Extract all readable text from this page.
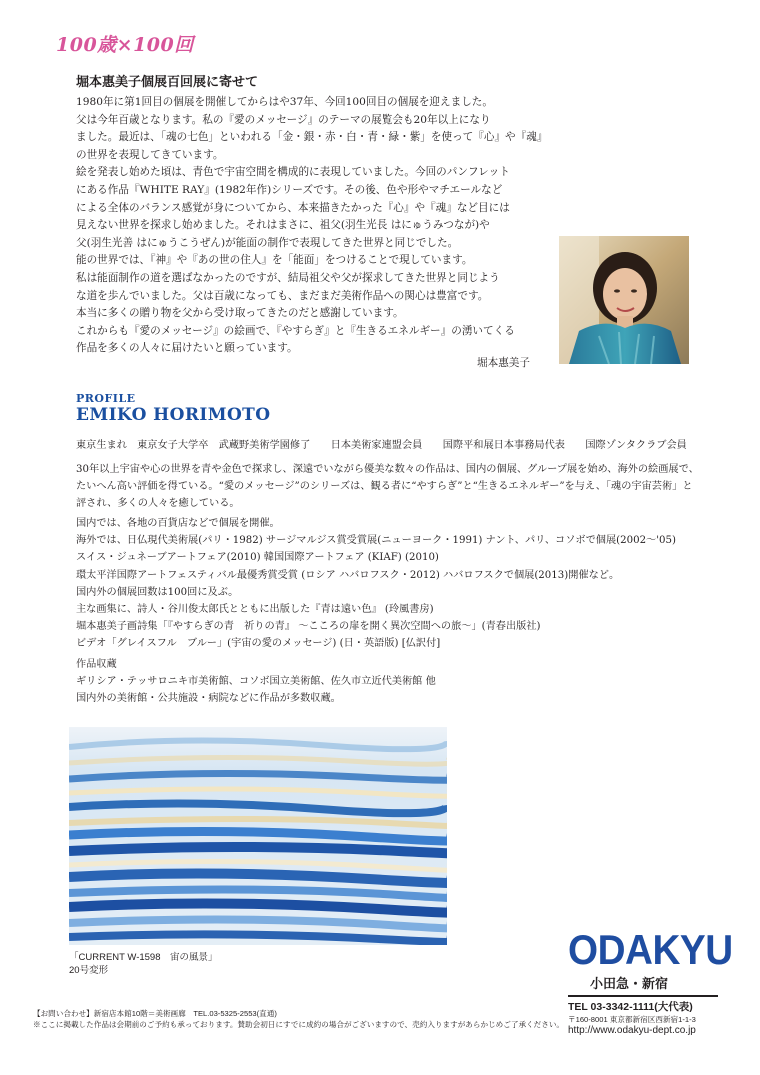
100歳×100回
堀本惠美子個展百回展に寄せて
1980年に第1回目の個展を開催してからはや37年、今回100回目の個展を迎えました。
父は今年百歳となります。私の『愛のメッセージ』のテーマの展覧会も20年以上になり
ました。最近は、「魂の七色」といわれる「金・銀・赤・白・青・緑・紫」を使って『心』や『魂』
の世界を表現してきています。
絵を発表し始めた頃は、青色で宇宙空間を構成的に表現していました。今回のパンフレット
にある作品『WHITE RAY』(1982年作)シリーズです。その後、色や形やマチエールなど
による全体のバランス感覚が身についてから、本来描きたかった『心』や『魂』など目には
見えない世界を探求し始めました。それはまさに、祖父(羽生光長 はにゅうみつなが)や
父(羽生光善 はにゅうこうぜん)が能面の制作で表現してきた世界と同じでした。
能の世界では、『神』や『あの世の住人』を「能面」をつけることで現しています。
私は能面制作の道を選ばなかったのですが、結局祖父や父が探求してきた世界と同じよう
な道を歩んでいました。父は百歳になっても、まだまだ美術作品への関心は豊富です。
本当に多くの贈り物を父から受け取ってきたのだと感謝しています。
これからも『愛のメッセージ』の絵画で、『やすらぎ』と『生きるエネルギー』の湧いてくる
作品を多くの人々に届けたいと願っています。
堀本惠美子
PROFILE
EMIKO HORIMOTO
東京生まれ　東京女子大学卒　武蔵野美術学園修了　　日本美術家連盟会員　　国際平和展日本事務局代表　　国際ゾンタクラブ会員
30年以上宇宙や心の世界を青や金色で探求し、深遠でいながら優美な数々の作品は、国内の個展、グループ展を始め、海外の絵画展で、
たいへん高い評価を得ている。“愛のメッセージ”のシリーズは、観る者に“やすらぎ”と“生きるエネルギー”を与え、「魂の宇宙芸術」と
評され、多くの人々を癒している。
国内では、各地の百貨店などで個展を開催。
海外では、日仏現代美術展(パリ・1982) サージマルジス賞受賞展(ニューヨーク・1991) ナント、パリ、コソボで個展(2002〜'05)
スイス・ジュネーブアートフェア(2010) 韓国国際アートフェア (KIAF) (2010)
環太平洋国際アートフェスティバル最優秀賞受賞 (ロシア ハバロフスク・2012) ハバロフスクで個展(2013)開催など。
国内外の個展回数は100回に及ぶ。
主な画集に、詩人・谷川俊太郎氏とともに出版した『青は遠い色』 (玲風書房)
堀本惠美子画詩集「『やすらぎの青　祈りの青』 〜こころの扉を開く異次空間への旅〜」(青春出版社)
ビデオ「グレイスフル　ブルー」(宇宙の愛のメッセージ) (日・英語版) [仏訳付]
作品収蔵
ギリシア・テッサロニキ市美術館、コソボ国立美術館、佐久市立近代美術館 他
国内外の美術館・公共施設・病院などに作品が多数収蔵。
「CURRENT W-1598　宙の風景」
20号変形
【お問い合わせ】新宿店本館10階＝美術画廊　TEL.03-5325-2553(直通)
※ここに掲載した作品は会期前のご予約も承っております。賛助会初日にすでに成約の場合がございますので、売約入りますがあらかじめご了承ください。
ODAKYU
小田急・新宿
TEL 03-3342-1111(大代表)
〒160-8001 東京都新宿区西新宿1-1-3
http://www.odakyu-dept.co.jp
